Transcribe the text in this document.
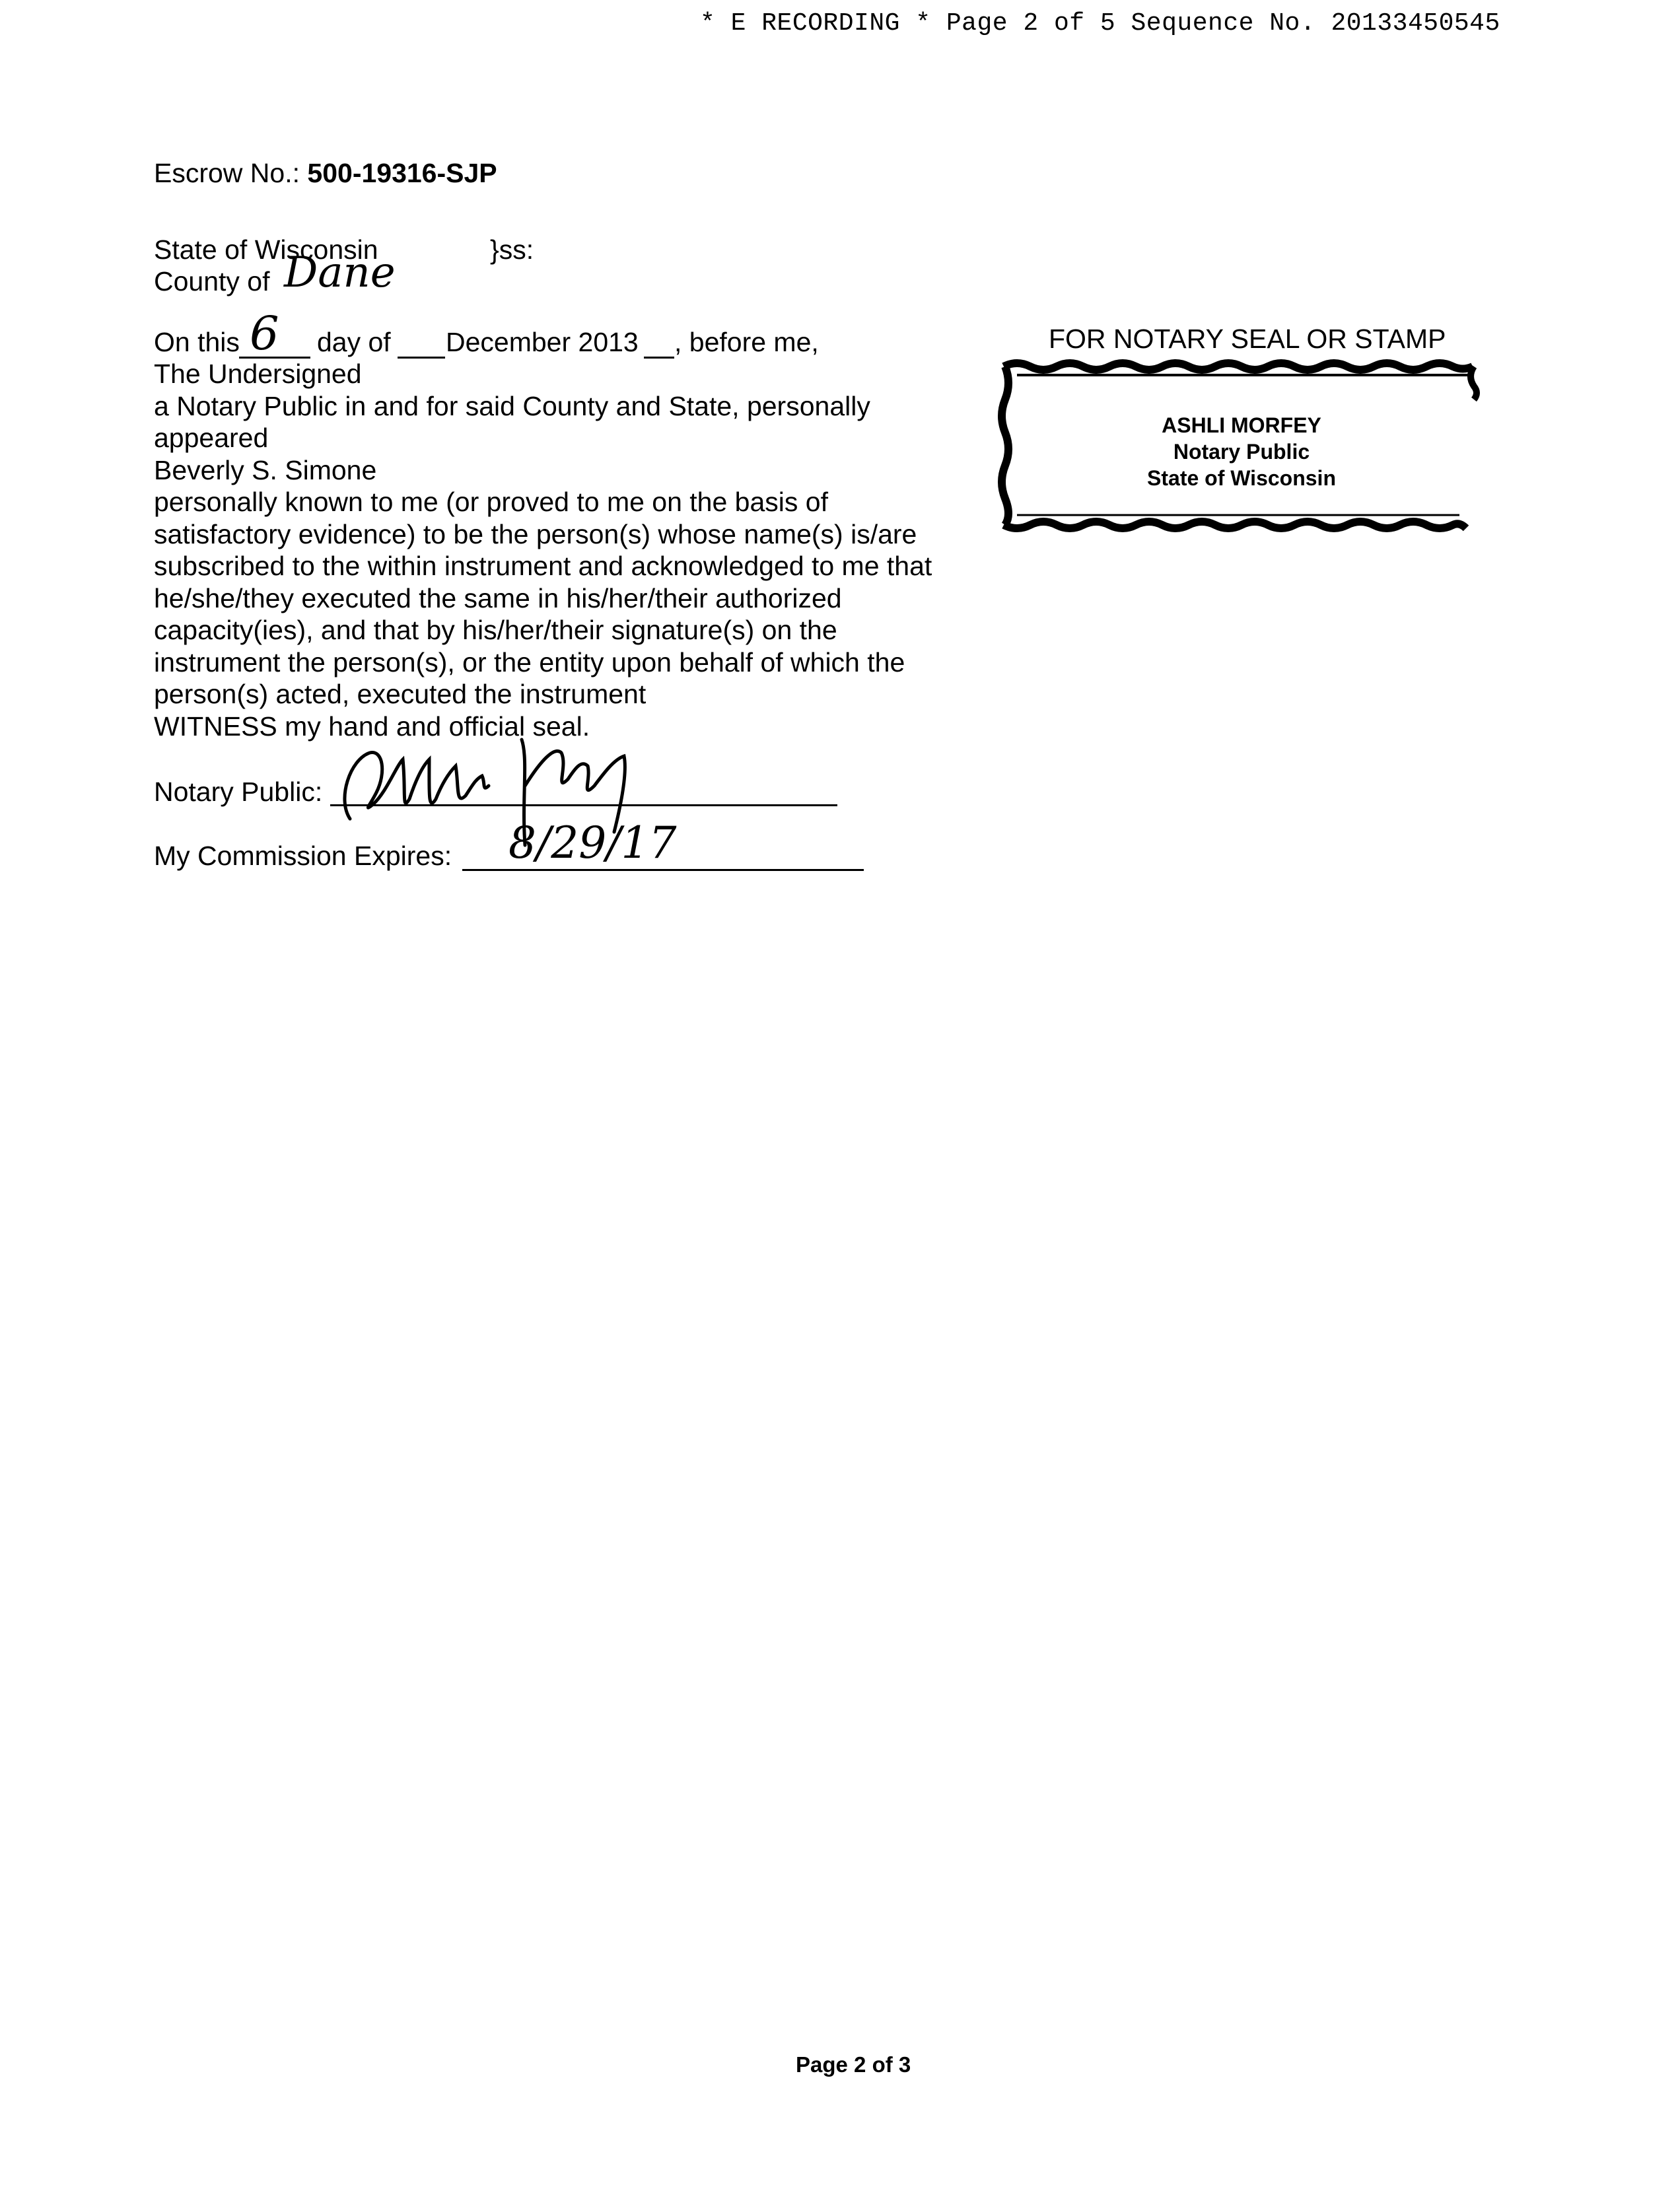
* E RECORDING * Page 2 of 5 Sequence No. 20133450545
Escrow No.: 500-19316-SJP
State of Wisconsin	}ss:
County of Dane
On this 6 day of December 2013 , before me,
The Undersigned
a Notary Public in and for said County and State, personally
appeared
Beverly S. Simone
personally known to me (or proved to me on the basis of
satisfactory evidence) to be the person(s) whose name(s) is/are
subscribed to the within instrument and acknowledged to me that
he/she/they executed the same in his/her/their authorized
capacity(ies), and that by his/her/their signature(s) on the
instrument the person(s), or the entity upon behalf of which the
person(s) acted, executed the instrument
WITNESS my hand and official seal.
Notary Public:
My Commission Expires: 8/29/17
FOR NOTARY SEAL OR STAMP
ASHLI MORFEY
Notary Public
State of Wisconsin
Page 2 of 3
